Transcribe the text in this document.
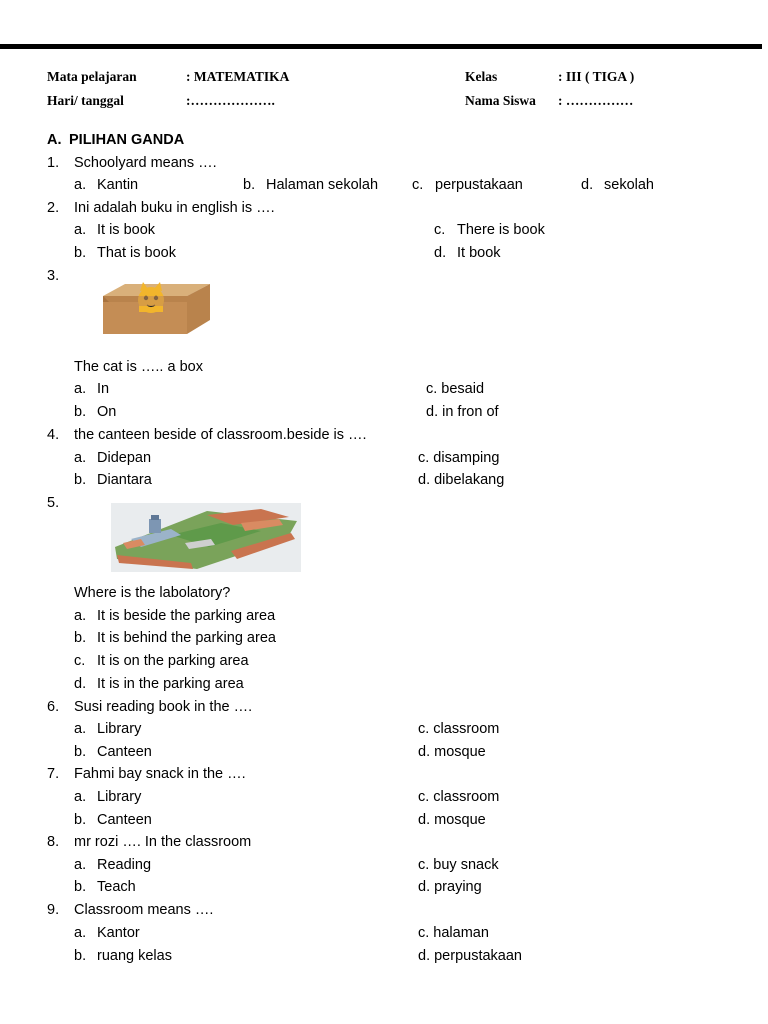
Mata pelajaran	: MATEMATIKA	Kelas	: III ( TIGA )
Hari/ tanggal	:……………….	Nama Siswa : ……………
A. PILIHAN GANDA
1. Schoolyard means ….
a. Kantin	b. Halaman sekolah c. perpustakaan	d. sekolah
2. Ini adalah buku in english is ….
a. It is book	c. There is book
b. That is book	d. It book
3.
The cat is ….. a box
a. In	c. besaid
b. On	d. in fron of
4. the canteen beside of classroom.beside is ….
a. Didepan	c. disamping
b. Diantara	d. dibelakang
5.
Where is the labolatory?
a. It is beside the parking area
b. It is behind the parking area
c. It is on the parking area
d. It is in the parking area
6. Susi reading book in the ….
a. Library	c. classroom
b. Canteen	d. mosque
7. Fahmi bay snack in the ….
a. Library	c. classroom
b. Canteen	d. mosque
8. mr rozi …. In the classroom
a. Reading	c. buy snack
b. Teach	d. praying
9. Classroom means ….
a. Kantor	c. halaman
b. ruang kelas	d. perpustakaan
